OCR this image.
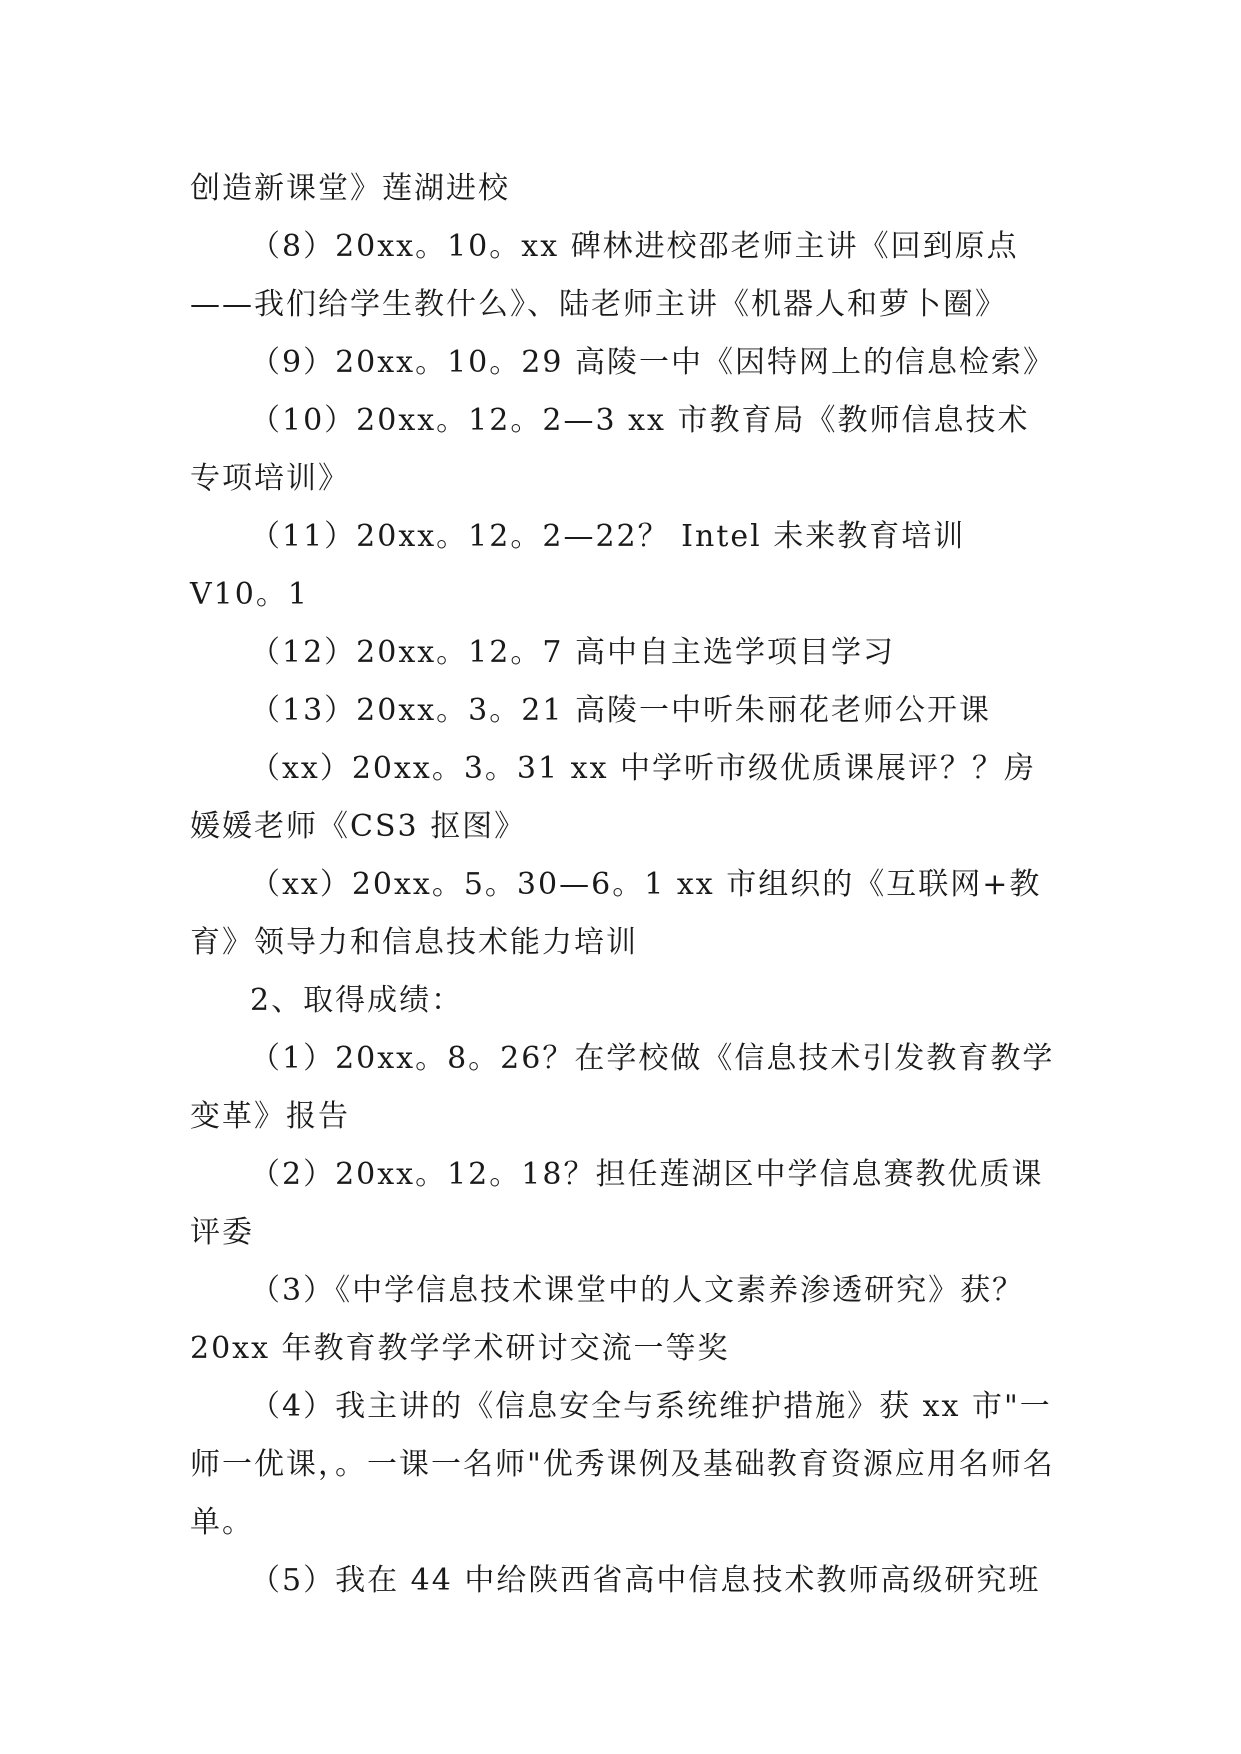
创造新课堂》莲湖进校

（8）20xx。10。xx 碑林进校邵老师主讲《回到原点——我们给学生教什么》、陆老师主讲《机器人和萝卜圈》

（9）20xx。10。29 高陵一中《因特网上的信息检索》

（10）20xx。12。2—3 xx 市教育局《教师信息技术专项培训》

（11）20xx。12。2—22？ Intel 未来教育培训 V10。1

（12）20xx。12。7 高中自主选学项目学习

（13）20xx。3。21 高陵一中听朱丽花老师公开课

（xx）20xx。3。31 xx 中学听市级优质课展评？？房媛媛老师《CS3 抠图》

（xx）20xx。5。30—6。1 xx 市组织的《互联网+教育》领导力和信息技术能力培训

2、取得成绩：

（1）20xx。8。26？在学校做《信息技术引发教育教学变革》报告

（2）20xx。12。18？担任莲湖区中学信息赛教优质课评委

（3）《中学信息技术课堂中的人文素养渗透研究》获？20xx 年教育教学学术研讨交流一等奖

（4）我主讲的《信息安全与系统维护措施》获 xx 市"一师一优课，。一课一名师"优秀课例及基础教育资源应用名师名单。

（5）我在 44 中给陕西省高中信息技术教师高级研究班
